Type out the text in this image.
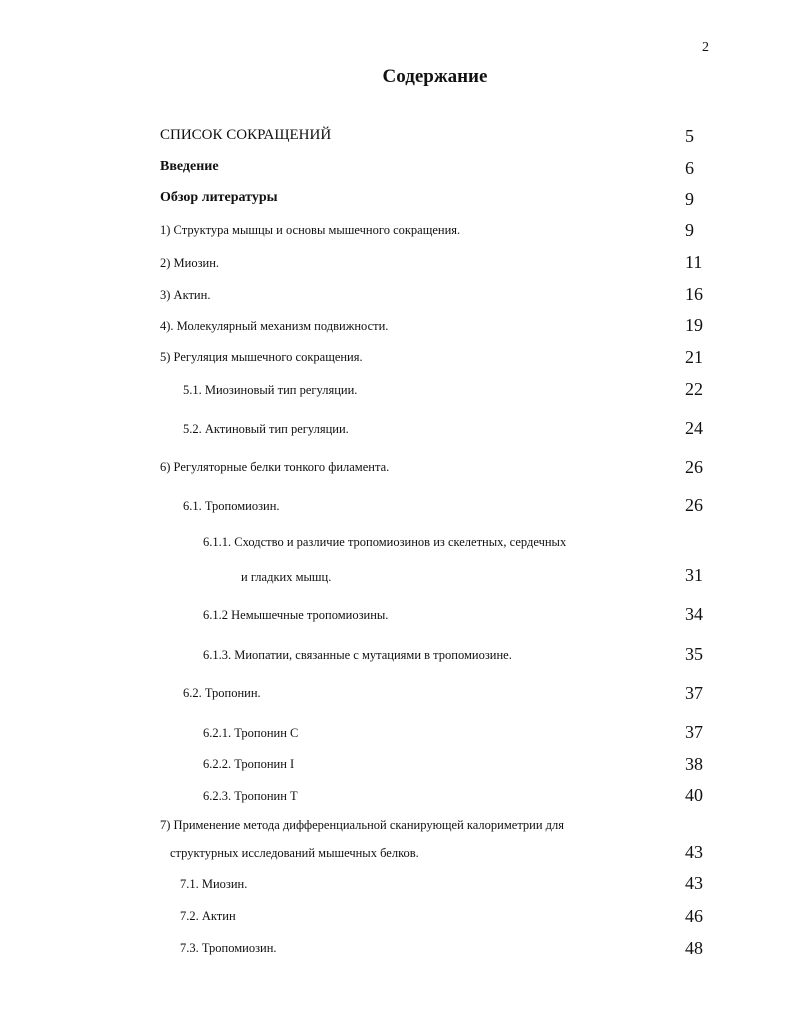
2
Содержание
СПИСОК СОКРАЩЕНИЙ	5
Введение	6
Обзор литературы	9
1) Структура мышцы и основы мышечного сокращения.	9
2) Миозин.	11
3) Актин.	16
4). Молекулярный механизм подвижности.	19
5) Регуляция мышечного сокращения.	21
5.1. Миозиновый тип регуляции.	22
5.2. Актиновый тип регуляции.	24
6) Регуляторные белки тонкого филамента.	26
6.1. Тропомиозин.	26
6.1.1. Сходство и различие тропомиозинов из скелетных, сердечных
и гладких мышц.	31
6.1.2 Немышечные тропомиозины.	34
6.1.3. Миопатии, связанные с мутациями в тропомиозине.	35
6.2. Тропонин.	37
6.2.1. Тропонин С	37
6.2.2. Тропонин I	38
6.2.3. Тропонин Т	40
7) Применение метода дифференциальной сканирующей калориметрии для
структурных исследований мышечных белков.	43
7.1. Миозин.	43
7.2. Актин	46
7.3. Тропомиозин.	48
